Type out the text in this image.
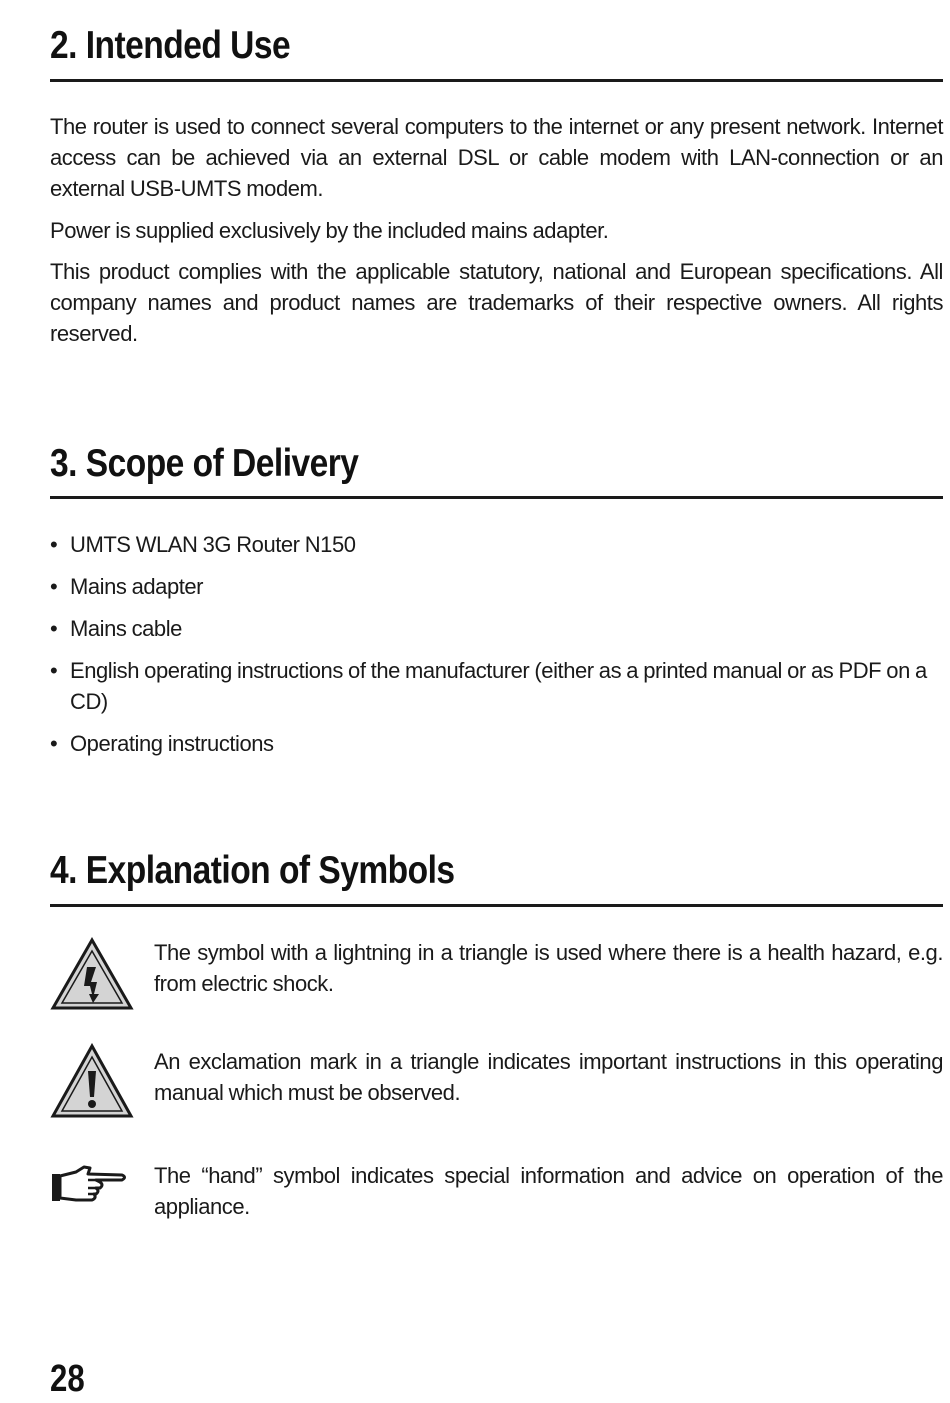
2. Intended Use

The router is used to connect several computers to the internet or any present network. Internet access can be achieved via an external DSL or cable modem with LAN-connection or an external USB-UMTS modem.

Power is supplied exclusively by the included mains adapter.

This product complies with the applicable statutory, national and European specifications. All company names and product names are trademarks of their respective owners. All rights reserved.

3. Scope of Delivery
• UMTS WLAN 3G Router N150
• Mains adapter
• Mains cable
• English operating instructions of the manufacturer (either as a printed manual or as PDF on a CD)
• Operating instructions
4. Explanation of Symbols

The symbol with a lightning in a triangle is used where there is a health hazard, e.g. from electric shock.

An exclamation mark in a triangle indicates important instructions in this operating manual which must be observed.

The “hand” symbol indicates special information and advice on operation of the appliance.

28
